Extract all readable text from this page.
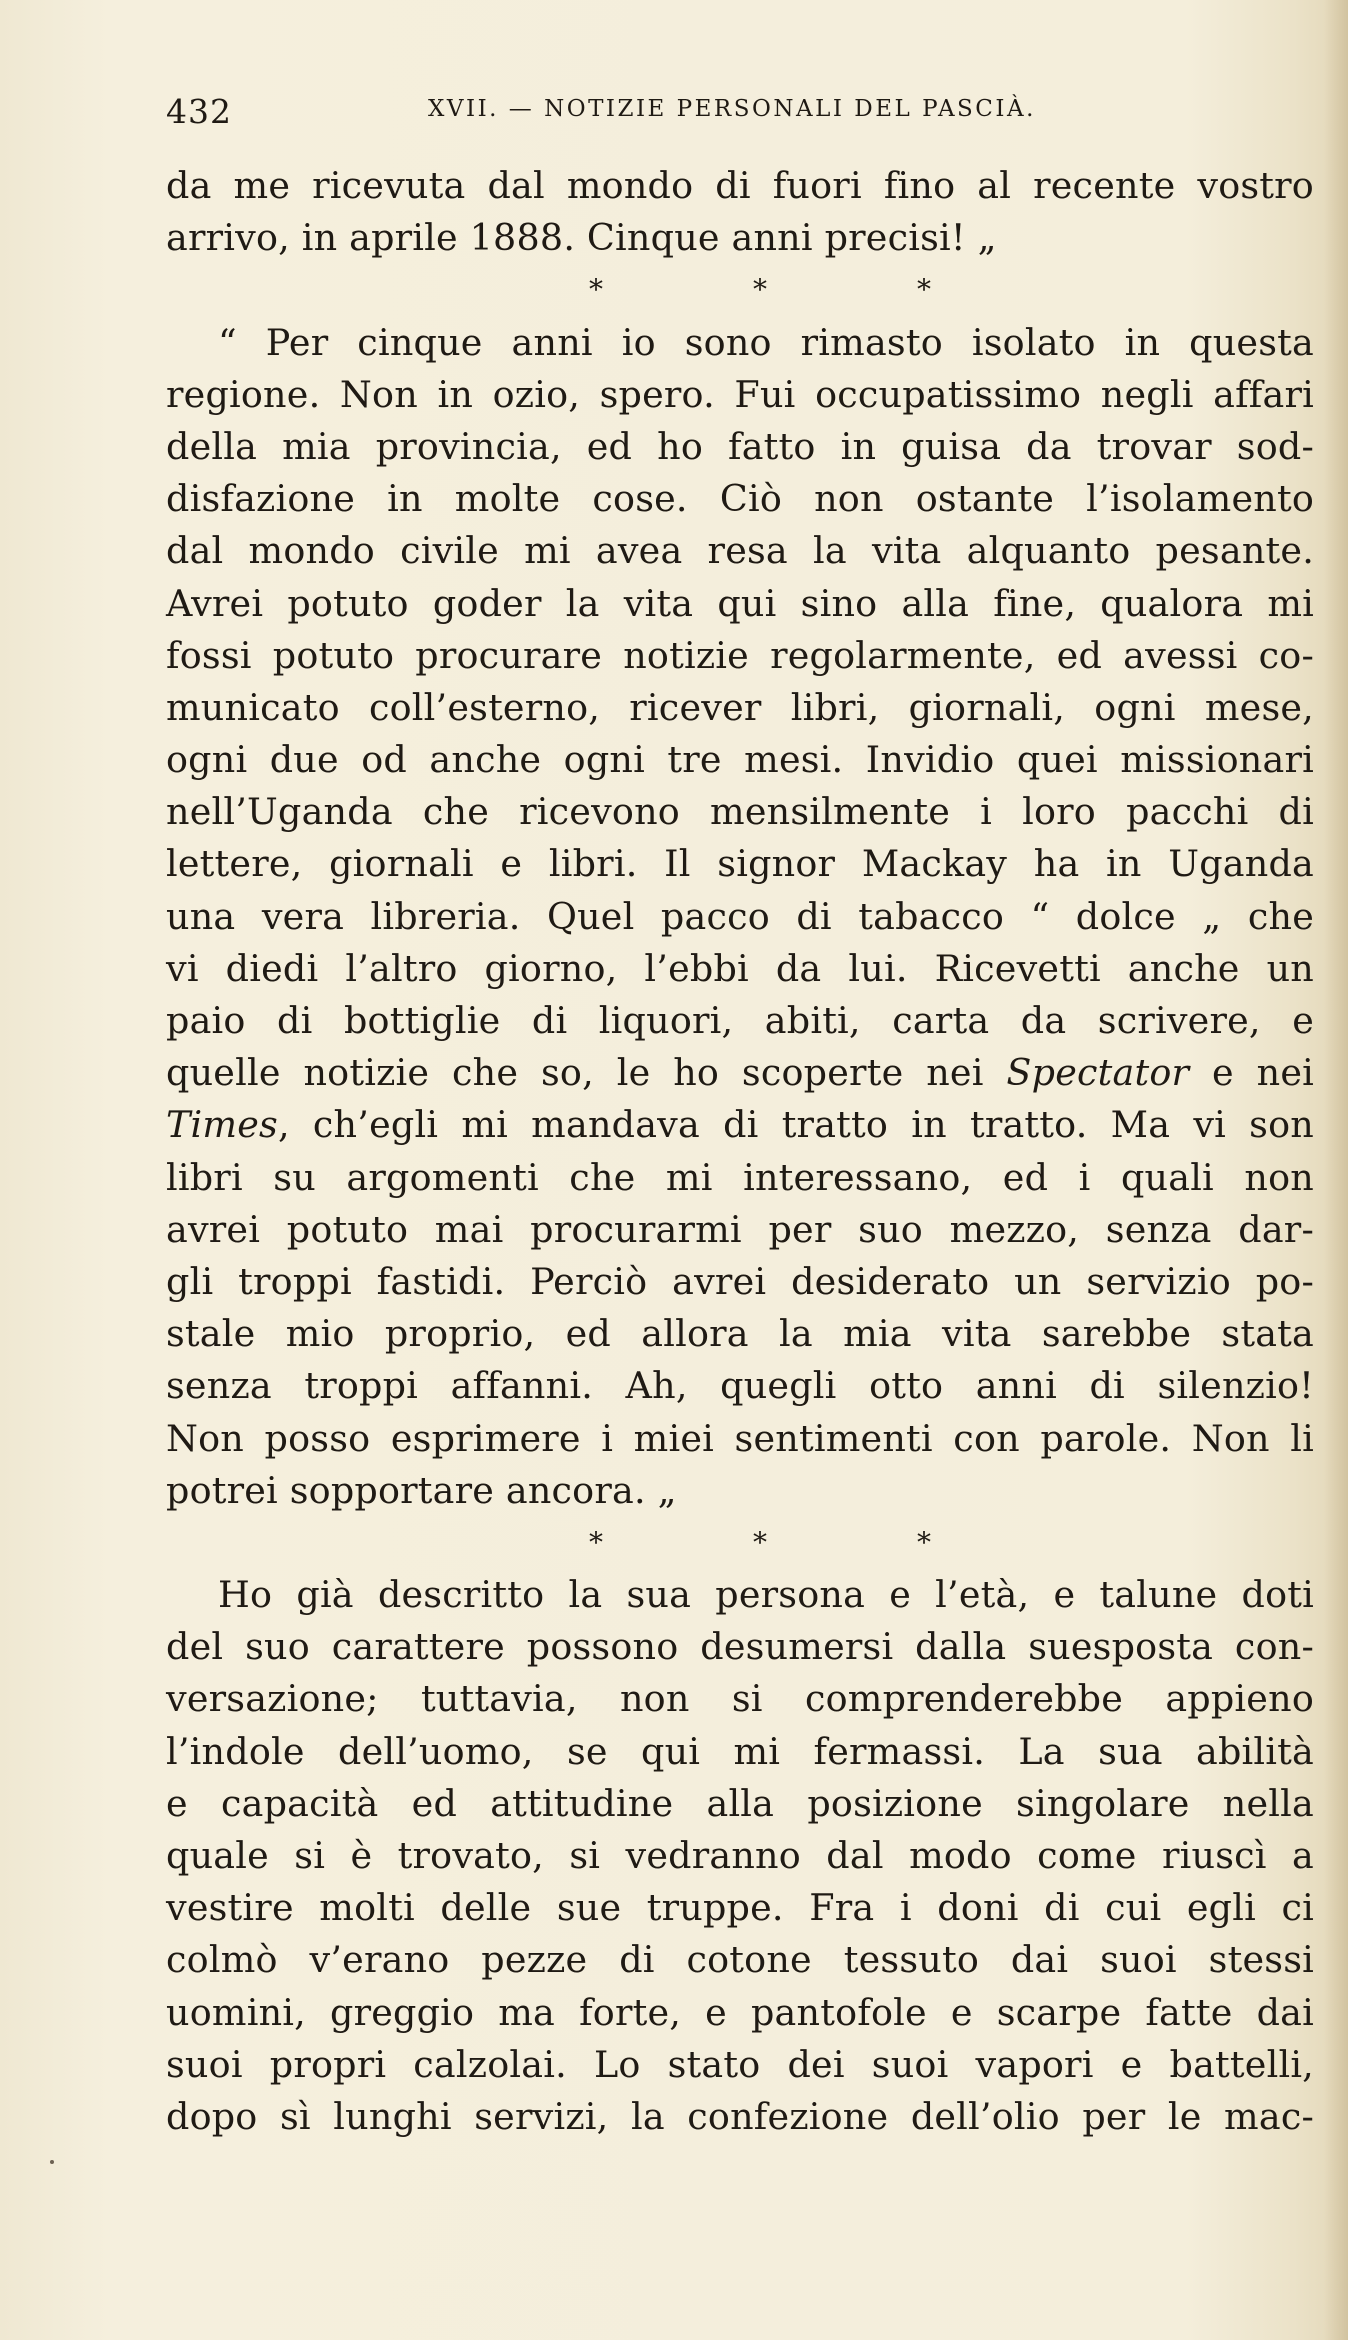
432	XVII. — NOTIZIE PERSONALI DEL PASCIÀ.
da me ricevuta dal mondo di fuori fino al recente vostro
arrivo, in aprile 1888. Cinque anni precisi! „
*	*	*
“ Per cinque anni io sono rimasto isolato in questa
regione. Non in ozio, spero. Fui occupatissimo negli affari
della mia provincia, ed ho fatto in guisa da trovar sod-
disfazione in molte cose. Ciò non ostante l’isolamento
dal mondo civile mi avea resa la vita alquanto pesante.
Avrei potuto goder la vita qui sino alla fine, qualora mi
fossi potuto procurare notizie regolarmente, ed avessi co-
municato coll’esterno, ricever libri, giornali, ogni mese,
ogni due od anche ogni tre mesi. Invidio quei missionari
nell’Uganda che ricevono mensilmente i loro pacchi di
lettere, giornali e libri. Il signor Mackay ha in Uganda
una vera libreria. Quel pacco di tabacco “ dolce „ che
vi diedi l’altro giorno, l’ebbi da lui. Ricevetti anche un
paio di bottiglie di liquori, abiti, carta da scrivere, e
quelle notizie che so, le ho scoperte nei Spectator e nei
Times, ch’egli mi mandava di tratto in tratto. Ma vi son
libri su argomenti che mi interessano, ed i quali non
avrei potuto mai procurarmi per suo mezzo, senza dar-
gli troppi fastidi. Perciò avrei desiderato un servizio po-
stale mio proprio, ed allora la mia vita sarebbe stata
senza troppi affanni. Ah, quegli otto anni di silenzio!
Non posso esprimere i miei sentimenti con parole. Non li
potrei sopportare ancora. „
*	*	*
Ho già descritto la sua persona e l’età, e talune doti
del suo carattere possono desumersi dalla suesposta con-
versazione; tuttavia, non si comprenderebbe appieno
l’indole dell’uomo, se qui mi fermassi. La sua abilità
e capacità ed attitudine alla posizione singolare nella
quale si è trovato, si vedranno dal modo come riuscì a
vestire molti delle sue truppe. Fra i doni di cui egli ci
colmò v’erano pezze di cotone tessuto dai suoi stessi
uomini, greggio ma forte, e pantofole e scarpe fatte dai
suoi propri calzolai. Lo stato dei suoi vapori e battelli,
dopo sì lunghi servizi, la confezione dell’olio per le mac-
